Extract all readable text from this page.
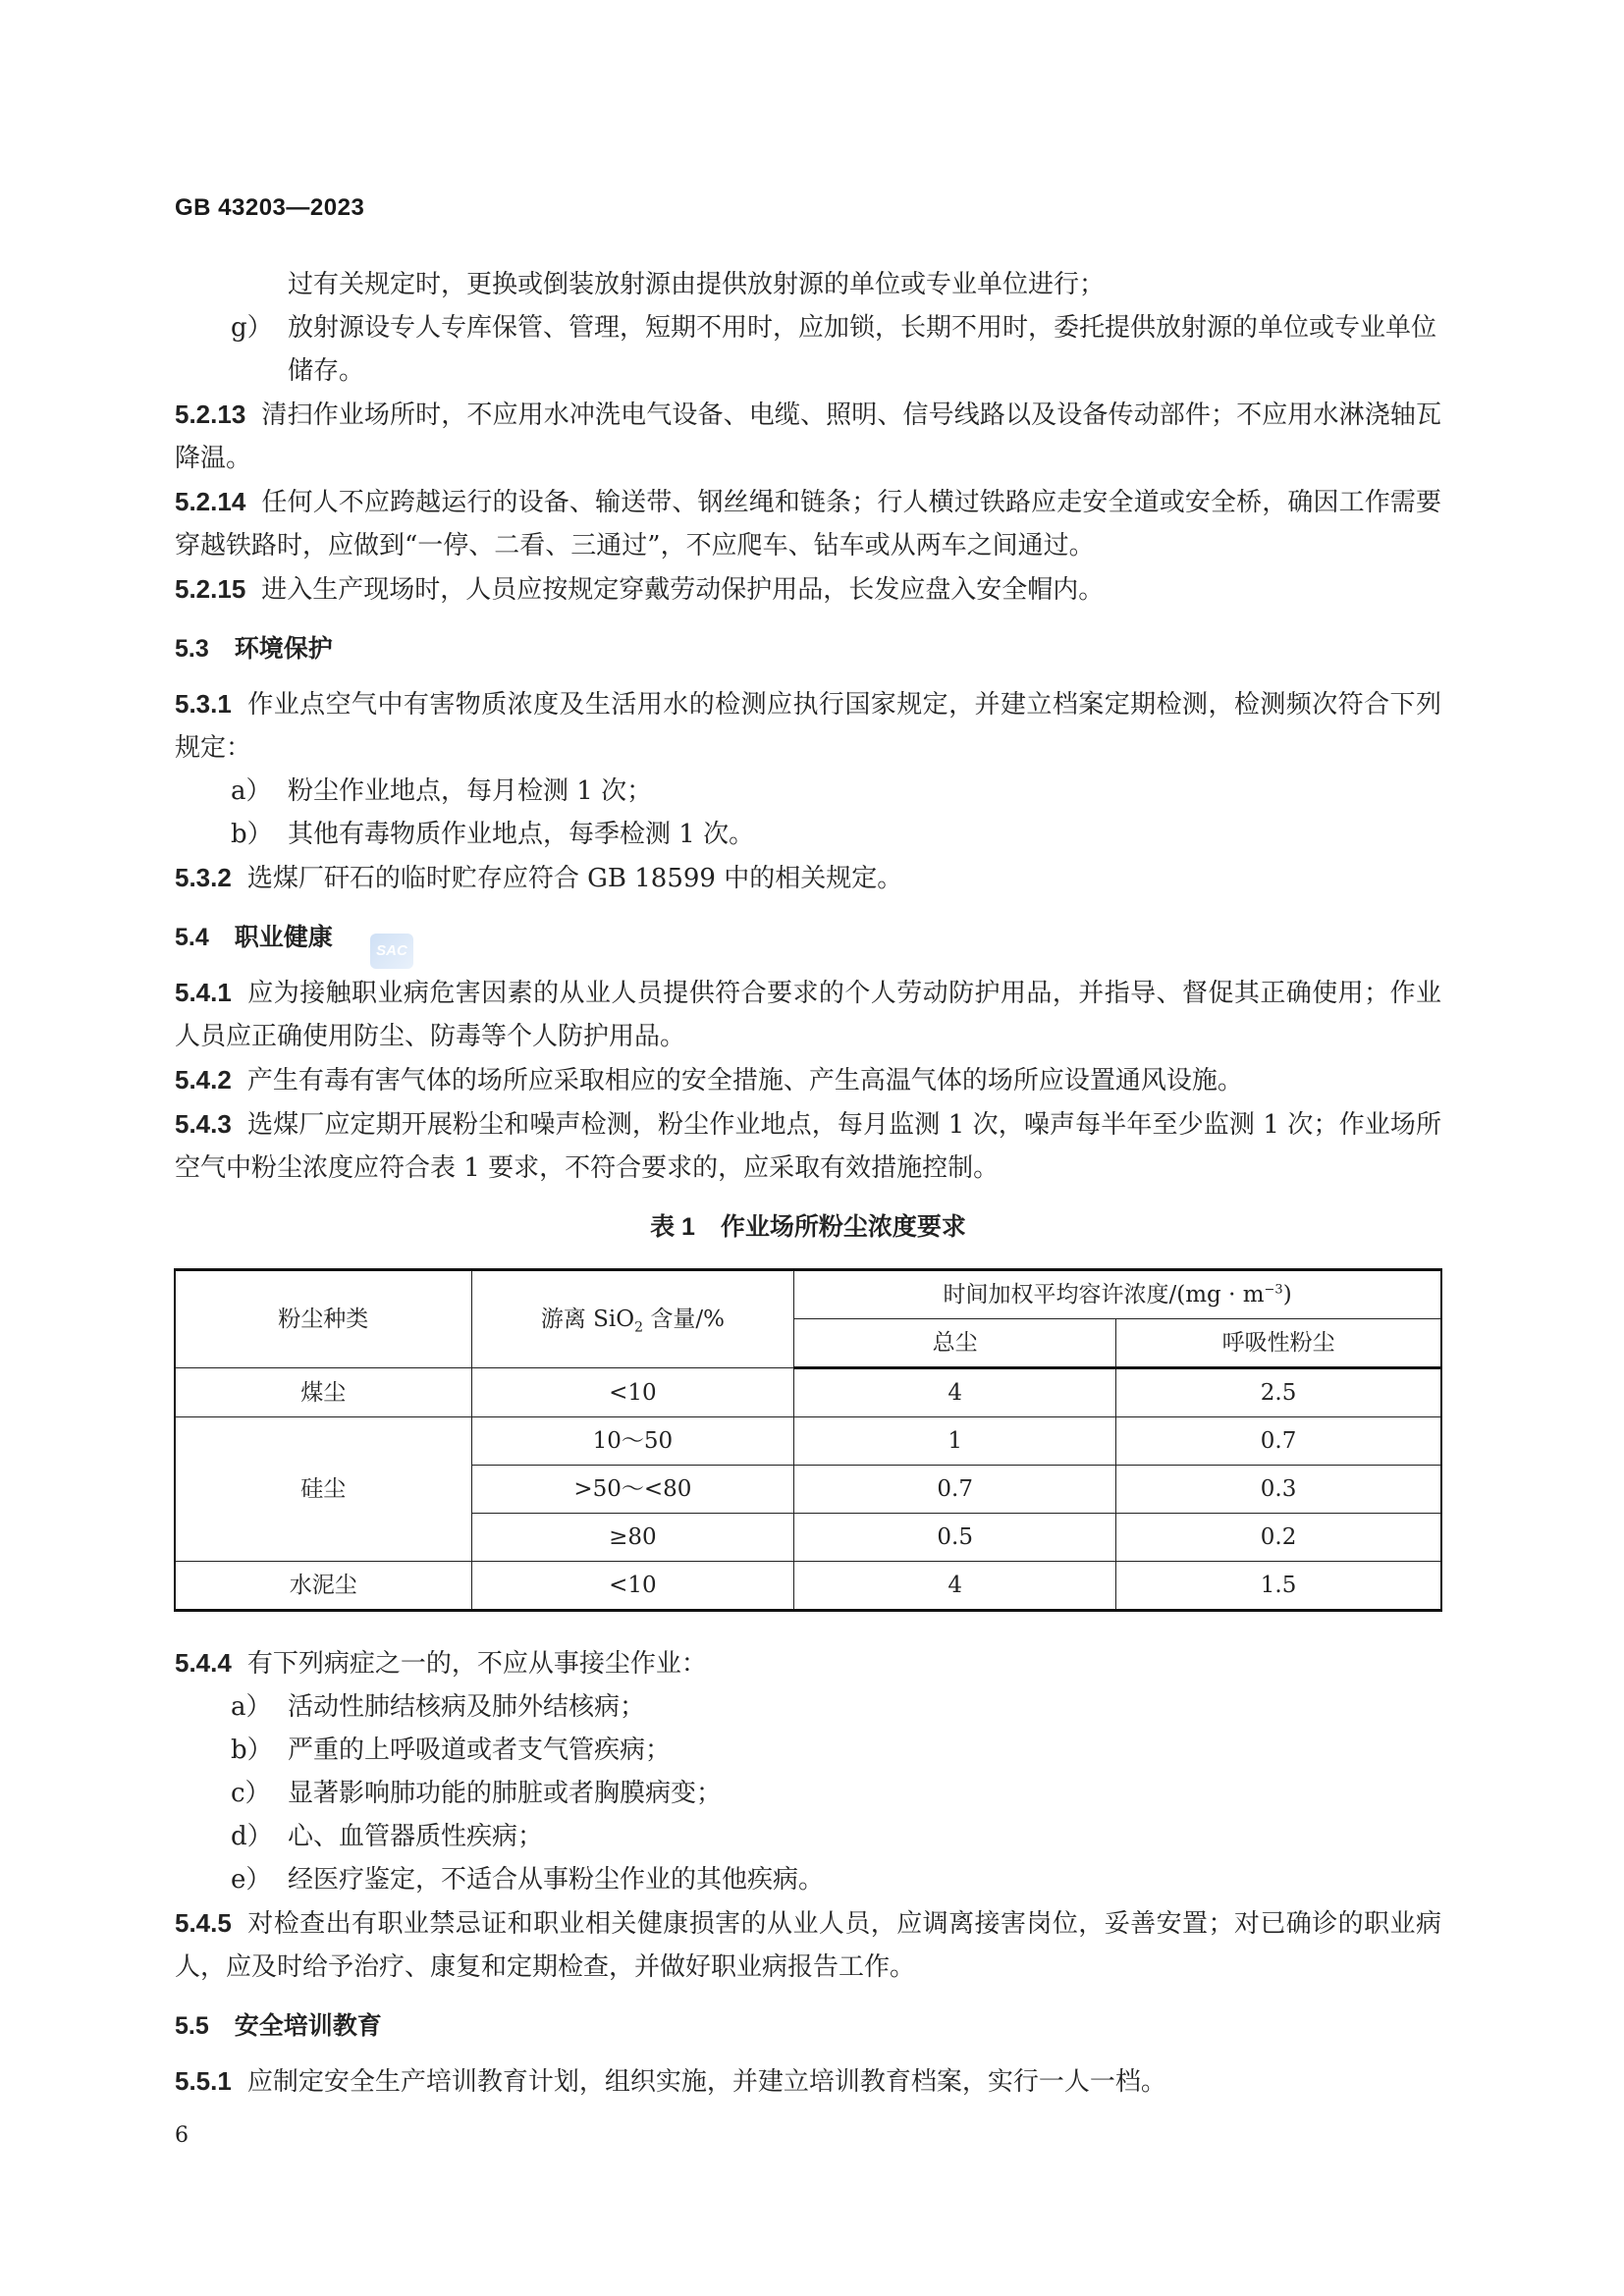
GB 43203—2023

过有关规定时，更换或倒装放射源由提供放射源的单位或专业单位进行；

g） 放射源设专人专库保管、管理，短期不用时，应加锁，长期不用时，委托提供放射源的单位或专业单位储存。

5.2.13 清扫作业场所时，不应用水冲洗电气设备、电缆、照明、信号线路以及设备传动部件；不应用水淋浇轴瓦降温。

5.2.14 任何人不应跨越运行的设备、输送带、钢丝绳和链条；行人横过铁路应走安全道或安全桥，确因工作需要穿越铁路时，应做到“一停、二看、三通过”，不应爬车、钻车或从两车之间通过。

5.2.15 进入生产现场时，人员应按规定穿戴劳动保护用品，长发应盘入安全帽内。

5.3 环境保护

5.3.1 作业点空气中有害物质浓度及生活用水的检测应执行国家规定，并建立档案定期检测，检测频次符合下列规定：

a） 粉尘作业地点，每月检测 1 次；

b） 其他有毒物质作业地点，每季检测 1 次。

5.3.2 选煤厂矸石的临时贮存应符合 GB 18599 中的相关规定。

5.4 职业健康	SAC

5.4.1 应为接触职业病危害因素的从业人员提供符合要求的个人劳动防护用品，并指导、督促其正确使用；作业人员应正确使用防尘、防毒等个人防护用品。

5.4.2 产生有毒有害气体的场所应采取相应的安全措施、产生高温气体的场所应设置通风设施。

5.4.3 选煤厂应定期开展粉尘和噪声检测，粉尘作业地点，每月监测 1 次，噪声每半年至少监测 1 次；作业场所空气中粉尘浓度应符合表 1 要求，不符合要求的，应采取有效措施控制。

表 1 作业场所粉尘浓度要求
粉尘种类	游离 SiO$_2$ 含量/%	时间加权平均容许浓度$/(mg \cdot m^{-3})$	
		总尘	呼吸性粉尘
煤尘	<10	4	2.5
硅尘	10～50	1	0.7
	>50～<80	0.7	0.3
	≥80	0.5	0.2
水泥尘	<10	4	1.5

5.4.4 有下列病症之一的，不应从事接尘作业：

a） 活动性肺结核病及肺外结核病；

b） 严重的上呼吸道或者支气管疾病；

c） 显著影响肺功能的肺脏或者胸膜病变；

d） 心、血管器质性疾病；

e） 经医疗鉴定，不适合从事粉尘作业的其他疾病。

5.4.5 对检查出有职业禁忌证和职业相关健康损害的从业人员，应调离接害岗位，妥善安置；对已确诊的职业病人，应及时给予治疗、康复和定期检查，并做好职业病报告工作。

5.5 安全培训教育

5.5.1 应制定安全生产培训教育计划，组织实施，并建立培训教育档案，实行一人一档。

6
